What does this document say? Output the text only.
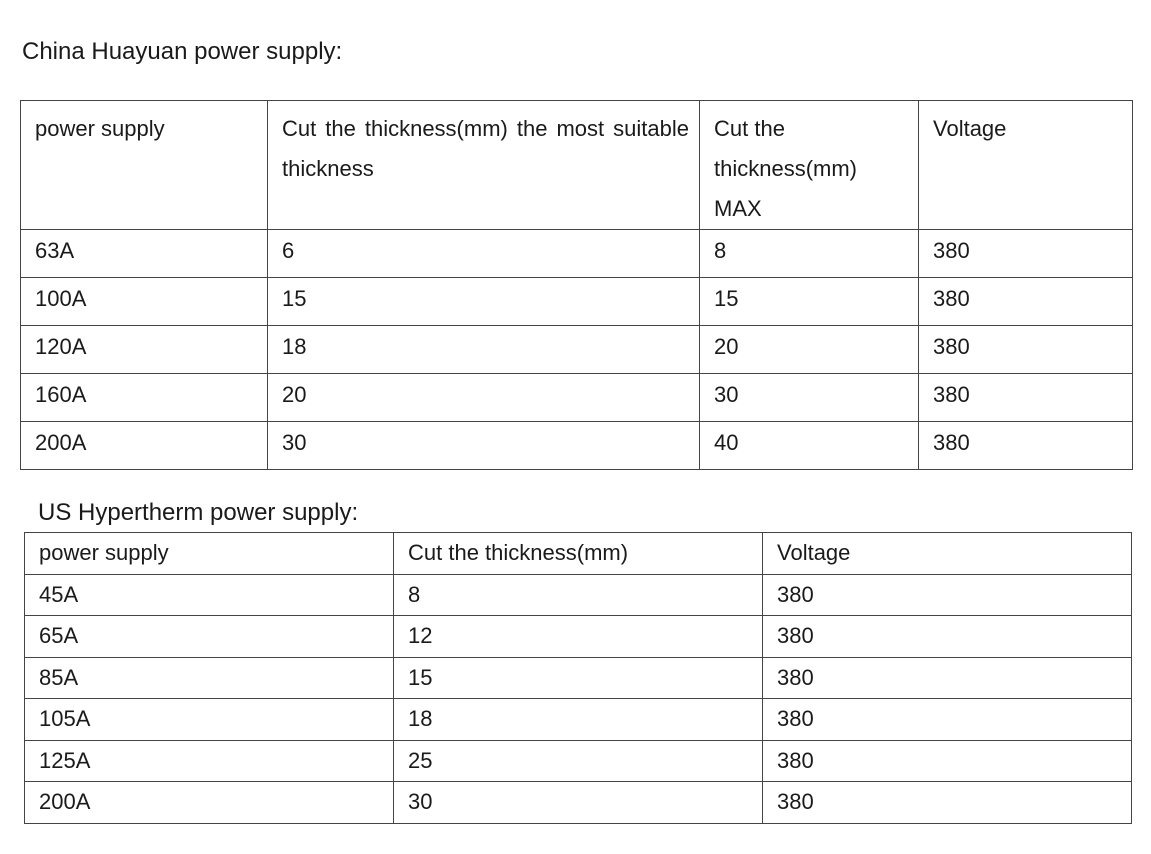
China Huayuan power supply:
power supply	Cut the thickness(mm) the most suitable thickness	Cut the thickness(mm) MAX	Voltage
63A	6	8	380
100A	15	15	380
120A	18	20	380
160A	20	30	380
200A	30	40	380
US Hypertherm power supply:
power supply	Cut the thickness(mm)	Voltage
45A	8	380
65A	12	380
85A	15	380
105A	18	380
125A	25	380
200A	30	380
